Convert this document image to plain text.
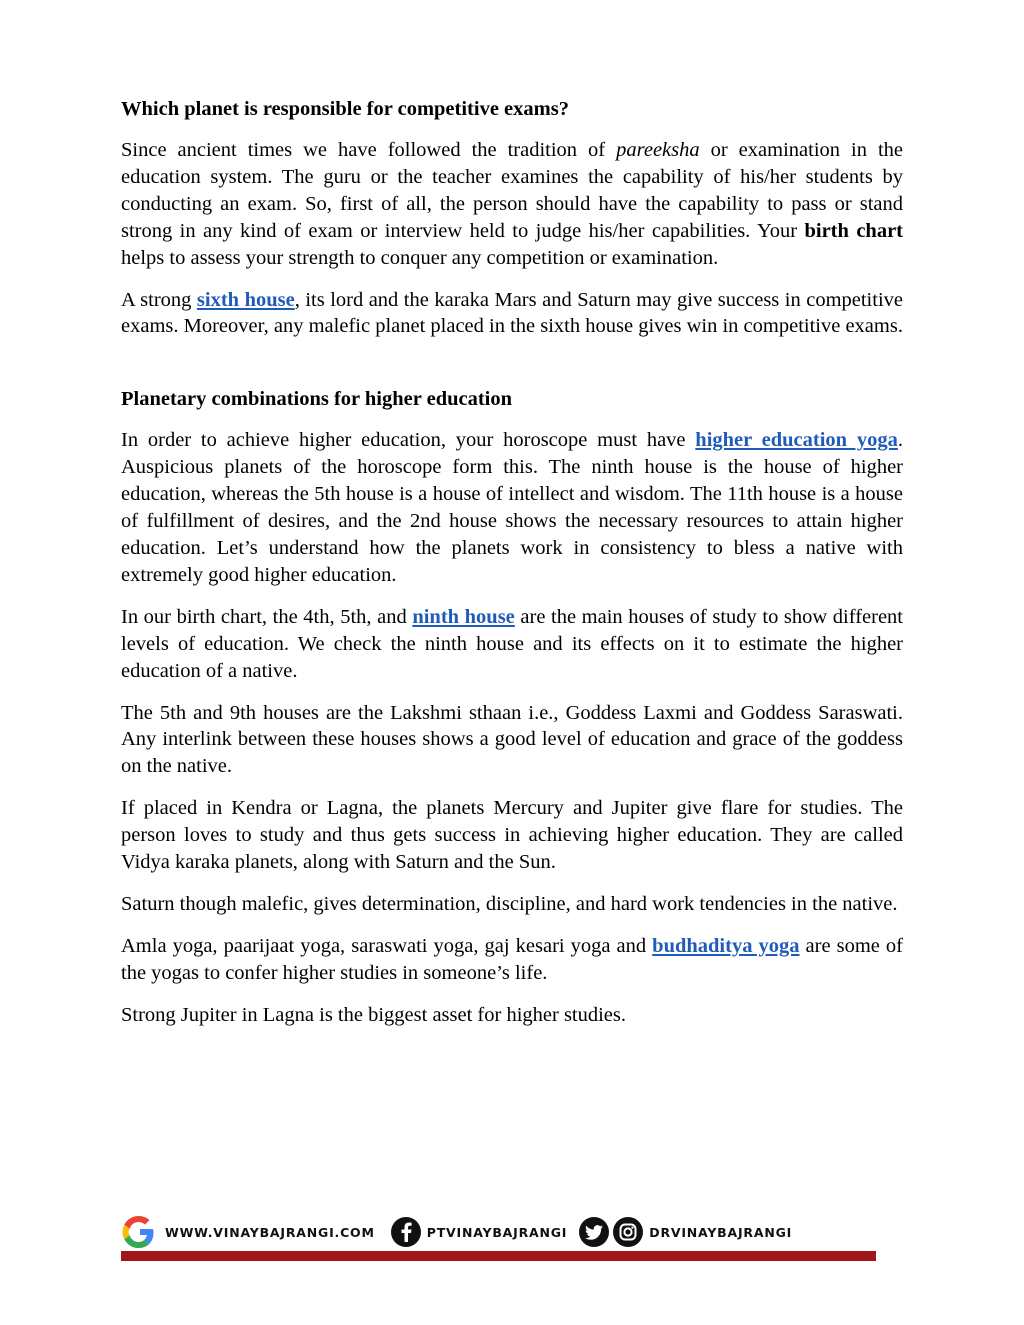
Which planet is responsible for competitive exams?

Since ancient times we have followed the tradition of pareeksha or examination in the education system. The guru or the teacher examines the capability of his/her students by conducting an exam. So, first of all, the person should have the capability to pass or stand strong in any kind of exam or interview held to judge his/her capabilities. Your birth chart helps to assess your strength to conquer any competition or examination.

A strong sixth house, its lord and the karaka Mars and Saturn may give success in competitive exams. Moreover, any malefic planet placed in the sixth house gives win in competitive exams.

Planetary combinations for higher education

In order to achieve higher education, your horoscope must have higher education yoga. Auspicious planets of the horoscope form this. The ninth house is the house of higher education, whereas the 5th house is a house of intellect and wisdom. The 11th house is a house of fulfillment of desires, and the 2nd house shows the necessary resources to attain higher education. Let’s understand how the planets work in consistency to bless a native with extremely good higher education.

In our birth chart, the 4th, 5th, and ninth house are the main houses of study to show different levels of education. We check the ninth house and its effects on it to estimate the higher education of a native.

The 5th and 9th houses are the Lakshmi sthaan i.e., Goddess Laxmi and Goddess Saraswati. Any interlink between these houses shows a good level of education and grace of the goddess on the native.

If placed in Kendra or Lagna, the planets Mercury and Jupiter give flare for studies. The person loves to study and thus gets success in achieving higher education. They are called Vidya karaka planets, along with Saturn and the Sun.

Saturn though malefic, gives determination, discipline, and hard work tendencies in the native.

Amla yoga, paarijaat yoga, saraswati yoga, gaj kesari yoga and budhaditya yoga are some of the yogas to confer higher studies in someone’s life.

Strong Jupiter in Lagna is the biggest asset for higher studies.

WWW.VINAYBAJRANGI.COM	PTVINAYBAJRANGI	DRVINAYBAJRANGI
